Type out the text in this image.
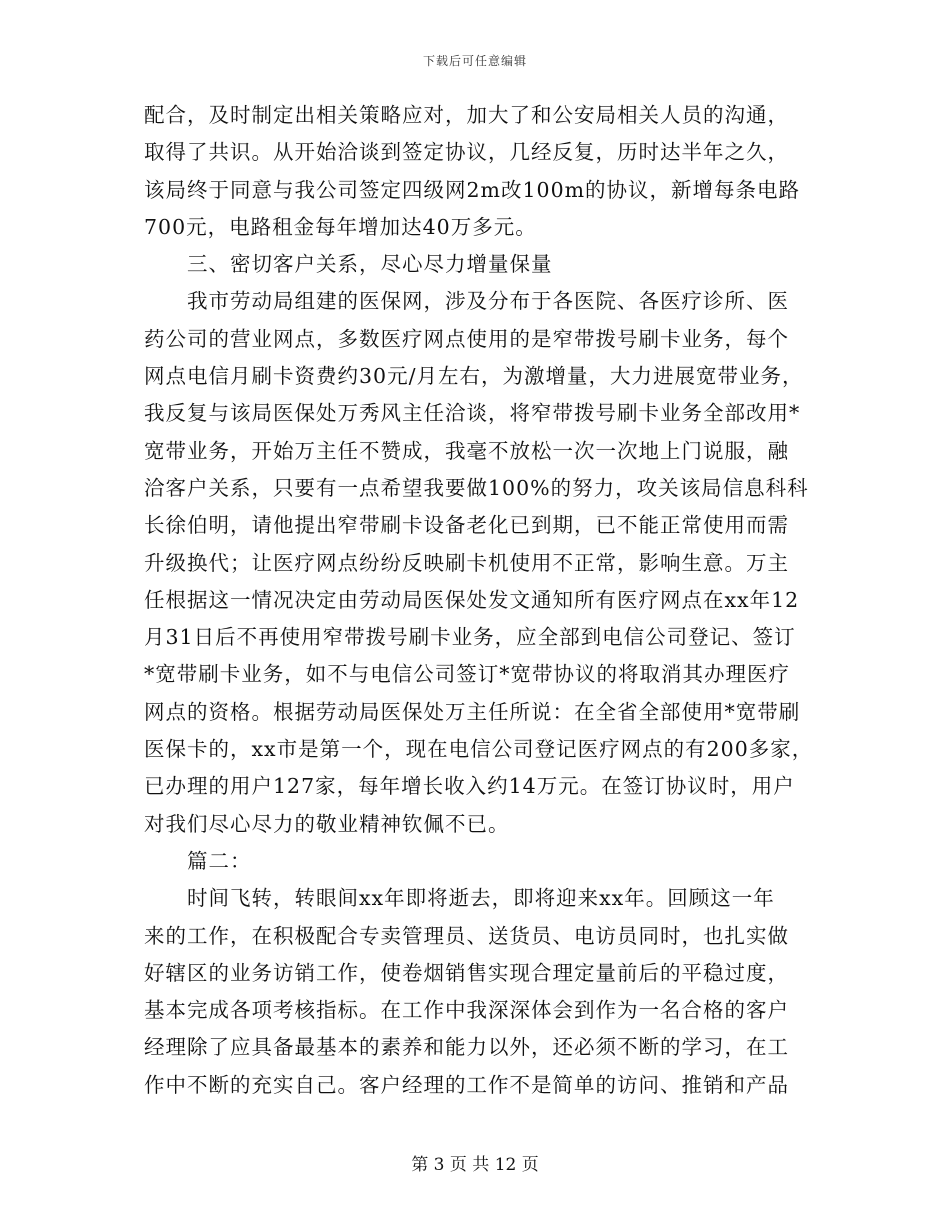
下载后可任意编辑
配合，及时制定出相关策略应对，加大了和公安局相关人员的沟通，
取得了共识。从开始洽谈到签定协议，几经反复，历时达半年之久，
该局终于同意与我公司签定四级网2m改100m的协议，新增每条电路
700元，电路租金每年增加达40万多元。
三、密切客户关系，尽心尽力增量保量
我市劳动局组建的医保网，涉及分布于各医院、各医疗诊所、医
药公司的营业网点，多数医疗网点使用的是窄带拨号刷卡业务，每个
网点电信月刷卡资费约30元/月左右，为激增量，大力进展宽带业务，
我反复与该局医保处万秀风主任洽谈，将窄带拨号刷卡业务全部改用*
宽带业务，开始万主任不赞成，我毫不放松一次一次地上门说服，融
洽客户关系，只要有一点希望我要做100%的努力，攻关该局信息科科
长徐伯明，请他提出窄带刷卡设备老化已到期，已不能正常使用而需
升级换代；让医疗网点纷纷反映刷卡机使用不正常，影响生意。万主
任根据这一情况决定由劳动局医保处发文通知所有医疗网点在xx年12
月31日后不再使用窄带拨号刷卡业务，应全部到电信公司登记、签订
*宽带刷卡业务，如不与电信公司签订*宽带协议的将取消其办理医疗
网点的资格。根据劳动局医保处万主任所说：在全省全部使用*宽带刷
医保卡的，xx市是第一个，现在电信公司登记医疗网点的有200多家，
已办理的用户127家，每年增长收入约14万元。在签订协议时，用户
对我们尽心尽力的敬业精神钦佩不已。
篇二：
时间飞转，转眼间xx年即将逝去，即将迎来xx年。回顾这一年
来的工作，在积极配合专卖管理员、送货员、电访员同时，也扎实做
好辖区的业务访销工作，使卷烟销售实现合理定量前后的平稳过度，
基本完成各项考核指标。在工作中我深深体会到作为一名合格的客户
经理除了应具备最基本的素养和能力以外，还必须不断的学习，在工
作中不断的充实自己。客户经理的工作不是简单的访问、推销和产品
第 3 页 共 12 页
